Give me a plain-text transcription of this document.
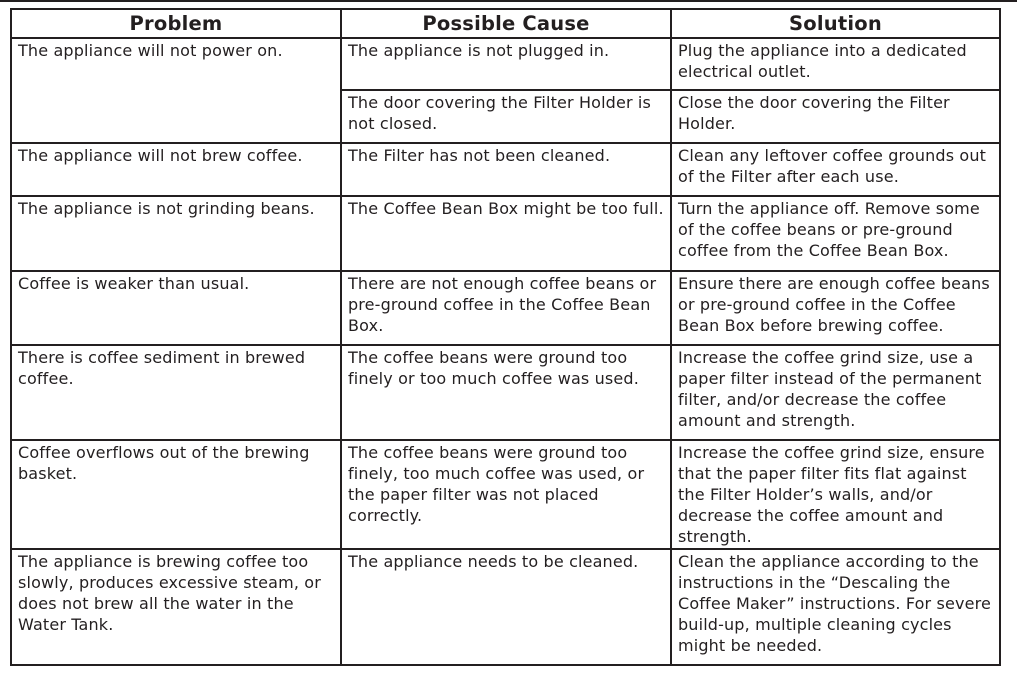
Problem	Possible Cause	Solution
The appliance will not power on.	The appliance is not plugged in.	Plug the appliance into a dedicated electrical outlet.
	The door covering the Filter Holder is not closed.	Close the door covering the Filter Holder.
The appliance will not brew coffee.	The Filter has not been cleaned.	Clean any leftover coffee grounds out of the Filter after each use.
The appliance is not grinding beans.	The Coffee Bean Box might be too full.	Turn the appliance off. Remove some of the coffee beans or pre-ground coffee from the Coffee Bean Box.
Coffee is weaker than usual.	There are not enough coffee beans or pre-ground coffee in the Coffee Bean Box.	Ensure there are enough coffee beans or pre-ground coffee in the Coffee Bean Box before brewing coffee.
There is coffee sediment in brewed coffee.	The coffee beans were ground too finely or too much coffee was used.	Increase the coffee grind size, use a paper filter instead of the permanent filter, and/or decrease the coffee amount and strength.
Coffee overflows out of the brewing basket.	The coffee beans were ground too finely, too much coffee was used, or the paper filter was not placed correctly.	Increase the coffee grind size, ensure that the paper filter fits flat against the Filter Holder’s walls, and/or decrease the coffee amount and strength.
The appliance is brewing coffee too slowly, produces excessive steam, or does not brew all the water in the Water Tank.	The appliance needs to be cleaned.	Clean the appliance according to the instructions in the “Descaling the Coffee Maker” instructions. For severe build-up, multiple cleaning cycles might be needed.
